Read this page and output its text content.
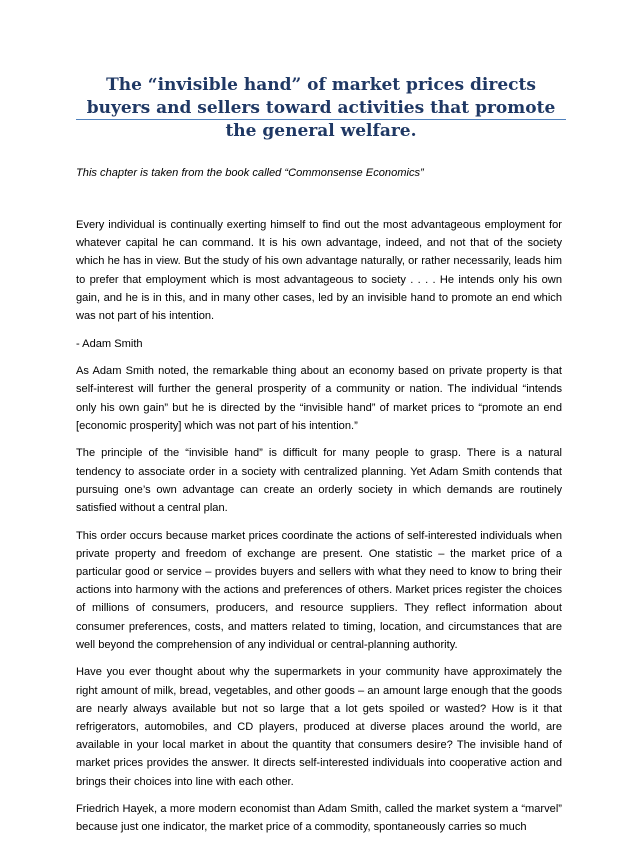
The “invisible hand” of market prices directs buyers and sellers toward activities that promote the general welfare.

This chapter is taken from the book called “Commonsense Economics”

Every individual is continually exerting himself to find out the most advantageous employment for whatever capital he can command. It is his own advantage, indeed, and not that of the society which he has in view. But the study of his own advantage naturally, or rather necessarily, leads him to prefer that employment which is most advantageous to society . . . . He intends only his own gain, and he is in this, and in many other cases, led by an invisible hand to promote an end which was not part of his intention.

- Adam Smith

As Adam Smith noted, the remarkable thing about an economy based on private property is that self-interest will further the general prosperity of a community or nation. The individual “intends only his own gain” but he is directed by the “invisible hand” of market prices to “promote an end [economic prosperity] which was not part of his intention.”

The principle of the “invisible hand” is difficult for many people to grasp. There is a natural tendency to associate order in a society with centralized planning. Yet Adam Smith contends that pursuing one’s own advantage can create an orderly society in which demands are routinely satisfied without a central plan.

This order occurs because market prices coordinate the actions of self-interested individuals when private property and freedom of exchange are present. One statistic – the market price of a particular good or service – provides buyers and sellers with what they need to know to bring their actions into harmony with the actions and preferences of others. Market prices register the choices of millions of consumers, producers, and resource suppliers. They reflect information about consumer preferences, costs, and matters related to timing, location, and circumstances that are well beyond the comprehension of any individual or central-planning authority.

Have you ever thought about why the supermarkets in your community have approximately the right amount of milk, bread, vegetables, and other goods – an amount large enough that the goods are nearly always available but not so large that a lot gets spoiled or wasted? How is it that refrigerators, automobiles, and CD players, produced at diverse places around the world, are available in your local market in about the quantity that consumers desire? The invisible hand of market prices provides the answer. It directs self-interested individuals into cooperative action and brings their choices into line with each other.

Friedrich Hayek, a more modern economist than Adam Smith, called the market system a “marvel” because just one indicator, the market price of a commodity, spontaneously carries so much
